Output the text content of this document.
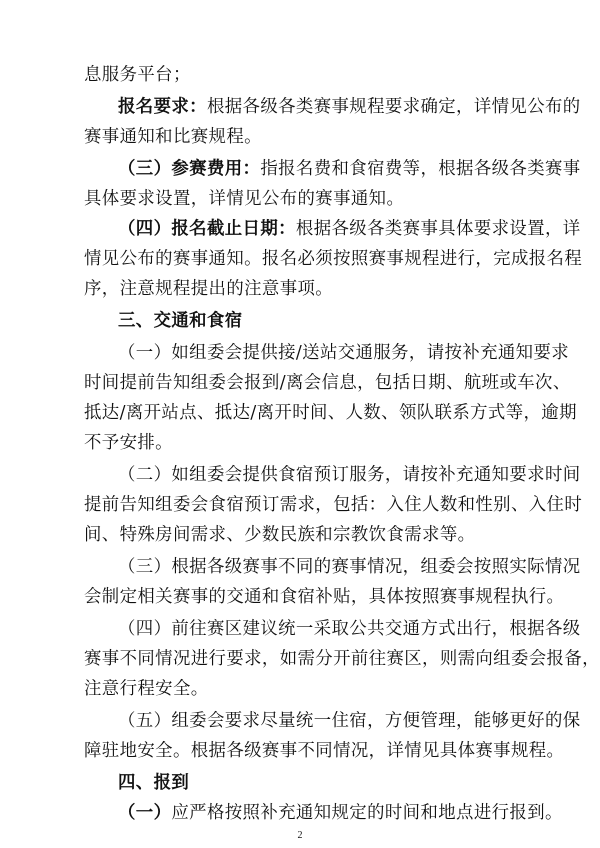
息服务平台；
报名要求：根据各级各类赛事规程要求确定，详情见公布的
赛事通知和比赛规程。
（三）参赛费用：指报名费和食宿费等，根据各级各类赛事
具体要求设置，详情见公布的赛事通知。
（四）报名截止日期：根据各级各类赛事具体要求设置，详
情见公布的赛事通知。报名必须按照赛事规程进行，完成报名程
序，注意规程提出的注意事项。
三、交通和食宿
（一）如组委会提供接/送站交通服务，请按补充通知要求
时间提前告知组委会报到/离会信息，包括日期、航班或车次、
抵达/离开站点、抵达/离开时间、人数、领队联系方式等，逾期
不予安排。
（二）如组委会提供食宿预订服务，请按补充通知要求时间
提前告知组委会食宿预订需求，包括：入住人数和性别、入住时
间、特殊房间需求、少数民族和宗教饮食需求等。
（三）根据各级赛事不同的赛事情况，组委会按照实际情况
会制定相关赛事的交通和食宿补贴，具体按照赛事规程执行。
（四）前往赛区建议统一采取公共交通方式出行，根据各级
赛事不同情况进行要求，如需分开前往赛区，则需向组委会报备，
注意行程安全。
（五）组委会要求尽量统一住宿，方便管理，能够更好的保
障驻地安全。根据各级赛事不同情况，详情见具体赛事规程。
四、报到
（一）应严格按照补充通知规定的时间和地点进行报到。
2
